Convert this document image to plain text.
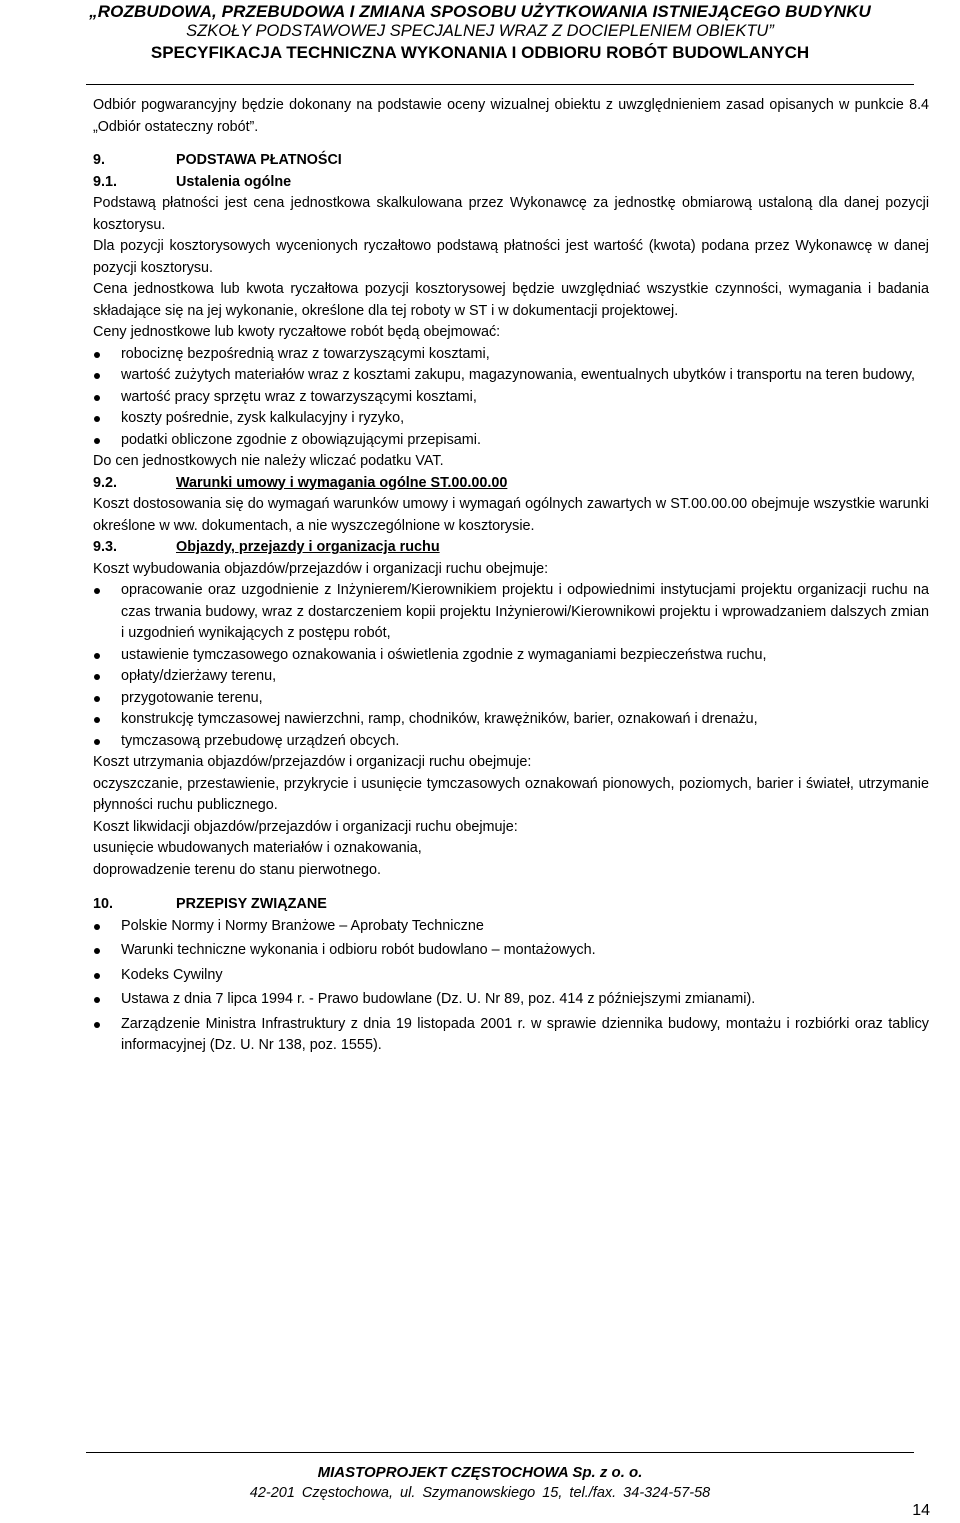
„ROZBUDOWA, PRZEBUDOWA I ZMIANA SPOSOBU UŻYTKOWANIA ISTNIEJĄCEGO BUDYNKU
SZKOŁY PODSTAWOWEJ SPECJALNEJ WRAZ Z DOCIEPLENIEM OBIEKTU”
SPECYFIKACJA TECHNICZNA WYKONANIA I ODBIORU ROBÓT BUDOWLANYCH

Odbiór pogwarancyjny będzie dokonany na podstawie oceny wizualnej obiektu z uwzględnieniem zasad opisanych w punkcie 8.4 „Odbiór ostateczny robót”.

9.	PODSTAWA PŁATNOŚCI
9.1.	Ustalenia ogólne

Podstawą płatności jest cena jednostkowa skalkulowana przez Wykonawcę za jednostkę obmiarową ustaloną dla danej pozycji kosztorysu.

Dla pozycji kosztorysowych wycenionych ryczałtowo podstawą płatności jest wartość (kwota) podana przez Wykonawcę w danej pozycji kosztorysu.

Cena jednostkowa lub kwota ryczałtowa pozycji kosztorysowej będzie uwzględniać wszystkie czynności, wymagania i badania składające się na jej wykonanie, określone dla tej roboty w ST i w dokumentacji projektowej.

Ceny jednostkowe lub kwoty ryczałtowe robót będą obejmować:

robociznę bezpośrednią wraz z towarzyszącymi kosztami,
wartość zużytych materiałów wraz z kosztami zakupu, magazynowania, ewentualnych ubytków i transportu na teren budowy,
wartość pracy sprzętu wraz z towarzyszącymi kosztami,
koszty pośrednie, zysk kalkulacyjny i ryzyko,
podatki obliczone zgodnie z obowiązującymi przepisami.

Do cen jednostkowych nie należy wliczać podatku VAT.

9.2.	Warunki umowy i wymagania ogólne ST.00.00.00

Koszt dostosowania się do wymagań warunków umowy i wymagań ogólnych zawartych w ST.00.00.00 obejmuje wszystkie warunki określone w ww. dokumentach, a nie wyszczególnione w kosztorysie.

9.3.	Objazdy, przejazdy i organizacja ruchu

Koszt wybudowania objazdów/przejazdów i organizacji ruchu obejmuje:

opracowanie oraz uzgodnienie z Inżynierem/Kierownikiem projektu i odpowiednimi instytucjami projektu organizacji ruchu na czas trwania budowy, wraz z dostarczeniem kopii projektu Inżynierowi/Kierownikowi projektu i wprowadzaniem dalszych zmian i uzgodnień wynikających z postępu robót,
ustawienie tymczasowego oznakowania i oświetlenia zgodnie z wymaganiami bezpieczeństwa ruchu,
opłaty/dzierżawy terenu,
przygotowanie terenu,
konstrukcję tymczasowej nawierzchni, ramp, chodników, krawężników, barier, oznakowań i drenażu,
tymczasową przebudowę urządzeń obcych.

Koszt utrzymania objazdów/przejazdów i organizacji ruchu obejmuje:

oczyszczanie, przestawienie, przykrycie i usunięcie tymczasowych oznakowań pionowych, poziomych, barier i świateł, utrzymanie płynności ruchu publicznego.

Koszt likwidacji objazdów/przejazdów i organizacji ruchu obejmuje:

usunięcie wbudowanych materiałów i oznakowania,

doprowadzenie terenu do stanu pierwotnego.

10.	PRZEPISY ZWIĄZANE
Polskie Normy i Normy Branżowe – Aprobaty Techniczne
Warunki techniczne wykonania i odbioru robót budowlano – montażowych.
Kodeks Cywilny
Ustawa z dnia 7 lipca 1994 r. - Prawo budowlane (Dz. U. Nr 89, poz. 414 z późniejszymi zmianami).
Zarządzenie Ministra Infrastruktury z dnia 19 listopada 2001 r. w sprawie dziennika budowy, montażu i rozbiórki oraz tablicy informacyjnej (Dz. U. Nr 138, poz. 1555).
MIASTOPROJEKT CZĘSTOCHOWA Sp. z o. o.
42-201 Częstochowa, ul. Szymanowskiego 15, tel./fax. 34-324-57-58
14
